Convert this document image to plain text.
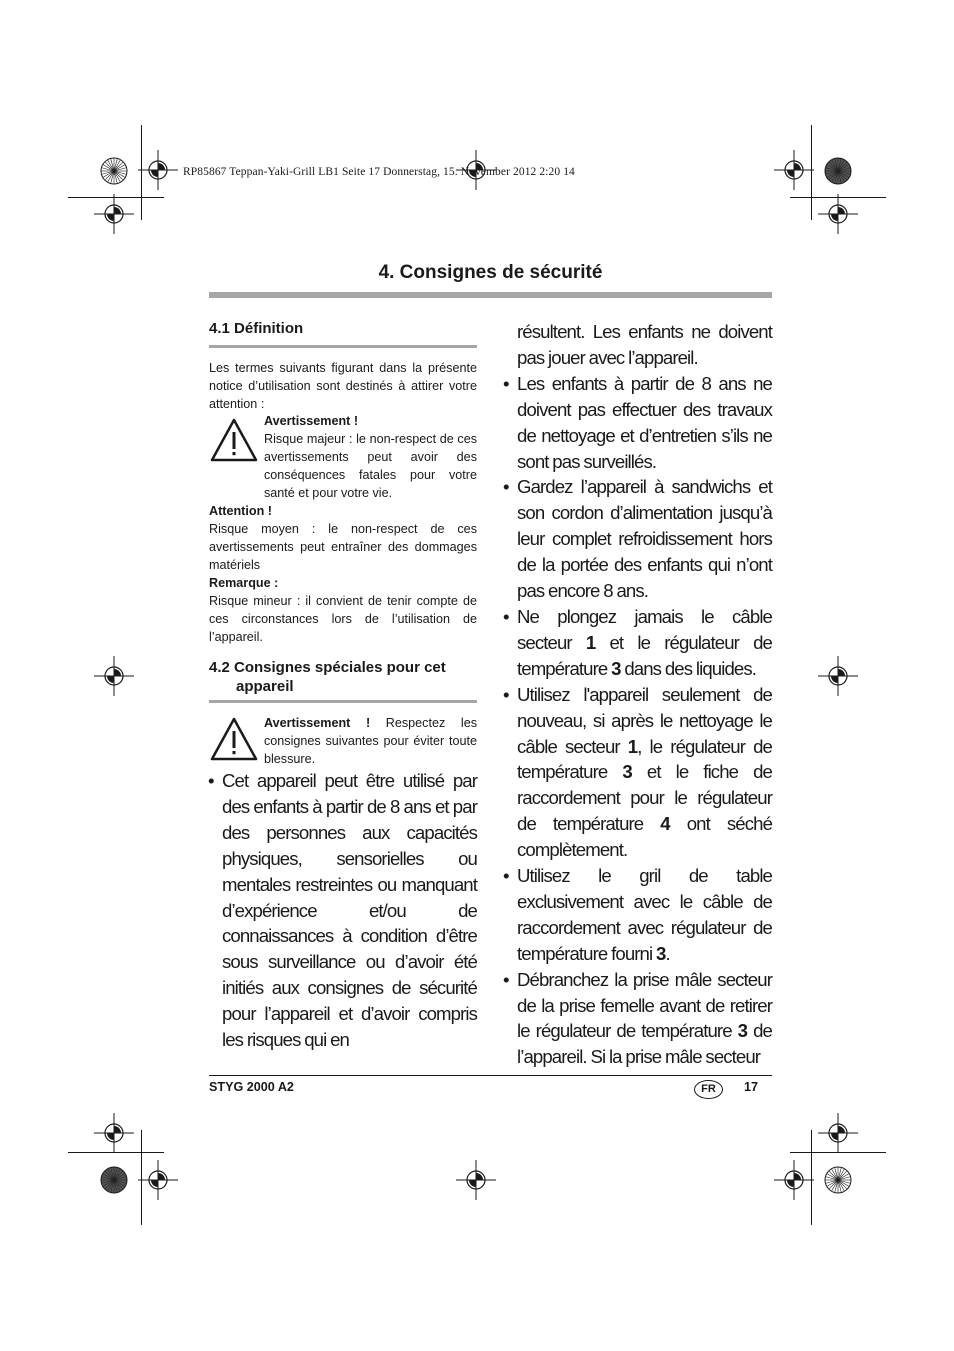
RP85867 Teppan-Yaki-Grill LB1 Seite 17 Donnerstag, 15. November 2012 2:20 14
4. Consignes de sécurité
4.1 Définition
Les termes suivants figurant dans la présente notice d’utilisation sont destinés à attirer votre attention :
Avertissement !
Risque majeur : le non-respect de ces avertissements peut avoir des conséquences fatales pour votre santé et pour votre vie.
Attention !
Risque moyen : le non-respect de ces avertissements peut entraîner des dommages matériels
Remarque :
Risque mineur : il convient de tenir compte de ces circonstances lors de l’utilisation de l’appareil.
4.2 Consignes spéciales pour cet
appareil
Avertissement ! Respectez les consignes suivantes pour éviter toute blessure.
• Cet appareil peut être utilisé par des enfants à partir de 8 ans et par des personnes aux capacités physiques, sensorielles ou mentales restreintes ou manquant d’expérience et/ou de connaissances à condition d’être sous surveillance ou d’avoir été initiés aux consignes de sécurité pour l’appareil et d’avoir compris les risques qui en
résultent. Les enfants ne doivent pas jouer avec l’appareil.
• Les enfants à partir de 8 ans ne doivent pas effectuer des travaux de nettoyage et d’entretien s’ils ne sont pas surveillés.
• Gardez l’appareil à sandwichs et son cordon d’alimentation jusqu’à leur complet refroidissement hors de la portée des enfants qui n’ont pas encore 8 ans.
• Ne plongez jamais le câble secteur 1 et le régulateur de température 3 dans des liquides.
• Utilisez l'appareil seulement de nouveau, si après le nettoyage le câble secteur 1, le régulateur de température 3 et le fiche de raccordement pour le régulateur de température 4 ont séché complètement.
• Utilisez le gril de table exclusivement avec le câble de raccordement avec régulateur de température fourni 3.
• Débranchez la prise mâle secteur de la prise femelle avant de retirer le régulateur de température 3 de l’appareil. Si la prise mâle secteur
STYG 2000 A2	FR	17
